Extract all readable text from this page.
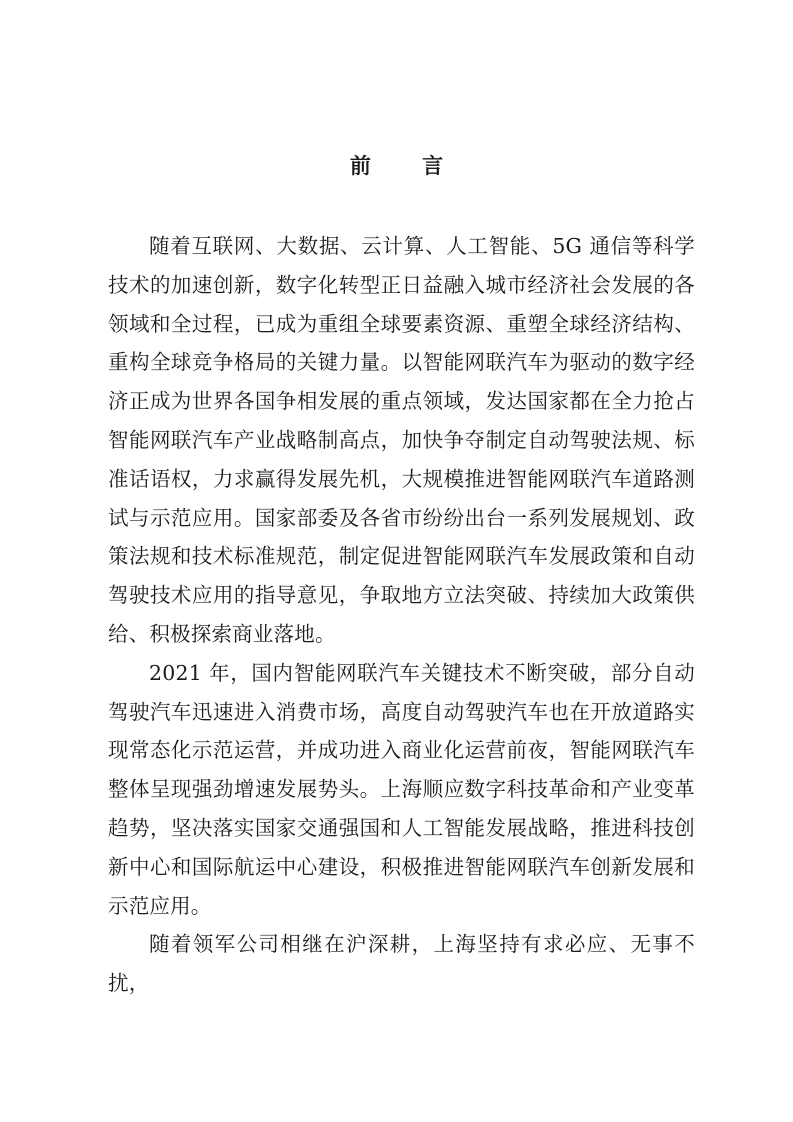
前 言

随着互联网、大数据、云计算、人工智能、5G 通信等科学技术的加速创新，数字化转型正日益融入城市经济社会发展的各领域和全过程，已成为重组全球要素资源、重塑全球经济结构、重构全球竞争格局的关键力量。以智能网联汽车为驱动的数字经济正成为世界各国争相发展的重点领域，发达国家都在全力抢占智能网联汽车产业战略制高点，加快争夺制定自动驾驶法规、标准话语权，力求赢得发展先机，大规模推进智能网联汽车道路测试与示范应用。国家部委及各省市纷纷出台一系列发展规划、政策法规和技术标准规范，制定促进智能网联汽车发展政策和自动驾驶技术应用的指导意见，争取地方立法突破、持续加大政策供给、积极探索商业落地。

2021 年，国内智能网联汽车关键技术不断突破，部分自动驾驶汽车迅速进入消费市场，高度自动驾驶汽车也在开放道路实现常态化示范运营，并成功进入商业化运营前夜，智能网联汽车整体呈现强劲增速发展势头。上海顺应数字科技革命和产业变革趋势，坚决落实国家交通强国和人工智能发展战略，推进科技创新中心和国际航运中心建设，积极推进智能网联汽车创新发展和示范应用。

随着领军公司相继在沪深耕，上海坚持有求必应、无事不扰，
